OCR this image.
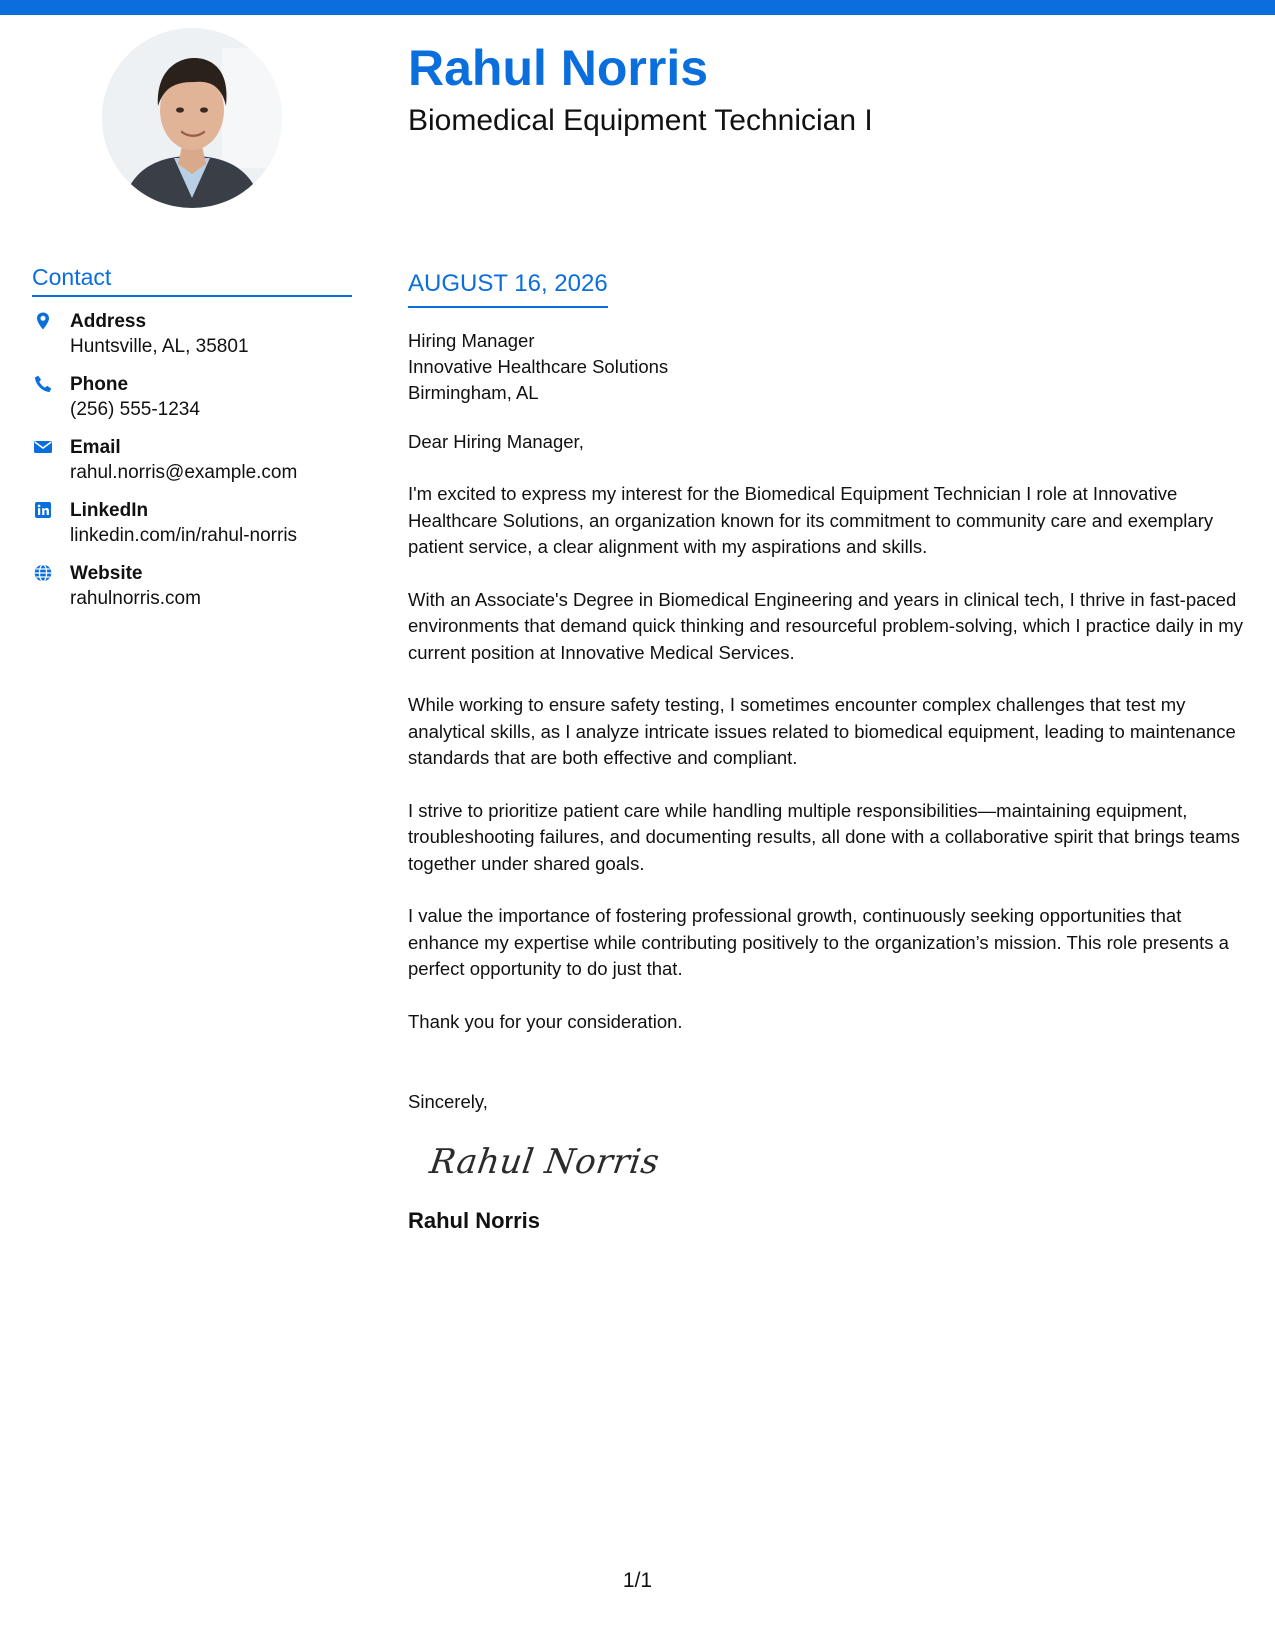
Rahul Norris
Biomedical Equipment Technician I
Contact
Address
Huntsville, AL, 35801
Phone
(256) 555-1234
Email
rahul.norris@example.com
LinkedIn
linkedin.com/in/rahul-norris
Website
rahulnorris.com
AUGUST 16, 2026
Hiring Manager
Innovative Healthcare Solutions
Birmingham, AL

Dear Hiring Manager,

I'm excited to express my interest for the Biomedical Equipment Technician I role at Innovative Healthcare Solutions, an organization known for its commitment to community care and exemplary patient service, a clear alignment with my aspirations and skills.

With an Associate's Degree in Biomedical Engineering and years in clinical tech, I thrive in fast-paced environments that demand quick thinking and resourceful problem-solving, which I practice daily in my current position at Innovative Medical Services.

While working to ensure safety testing, I sometimes encounter complex challenges that test my analytical skills, as I analyze intricate issues related to biomedical equipment, leading to maintenance standards that are both effective and compliant.

I strive to prioritize patient care while handling multiple responsibilities—maintaining equipment, troubleshooting failures, and documenting results, all done with a collaborative spirit that brings teams together under shared goals.

I value the importance of fostering professional growth, continuously seeking opportunities that enhance my expertise while contributing positively to the organization’s mission. This role presents a perfect opportunity to do just that.

Thank you for your consideration.

Sincerely,

Rahul Norris
Rahul Norris
1/1
